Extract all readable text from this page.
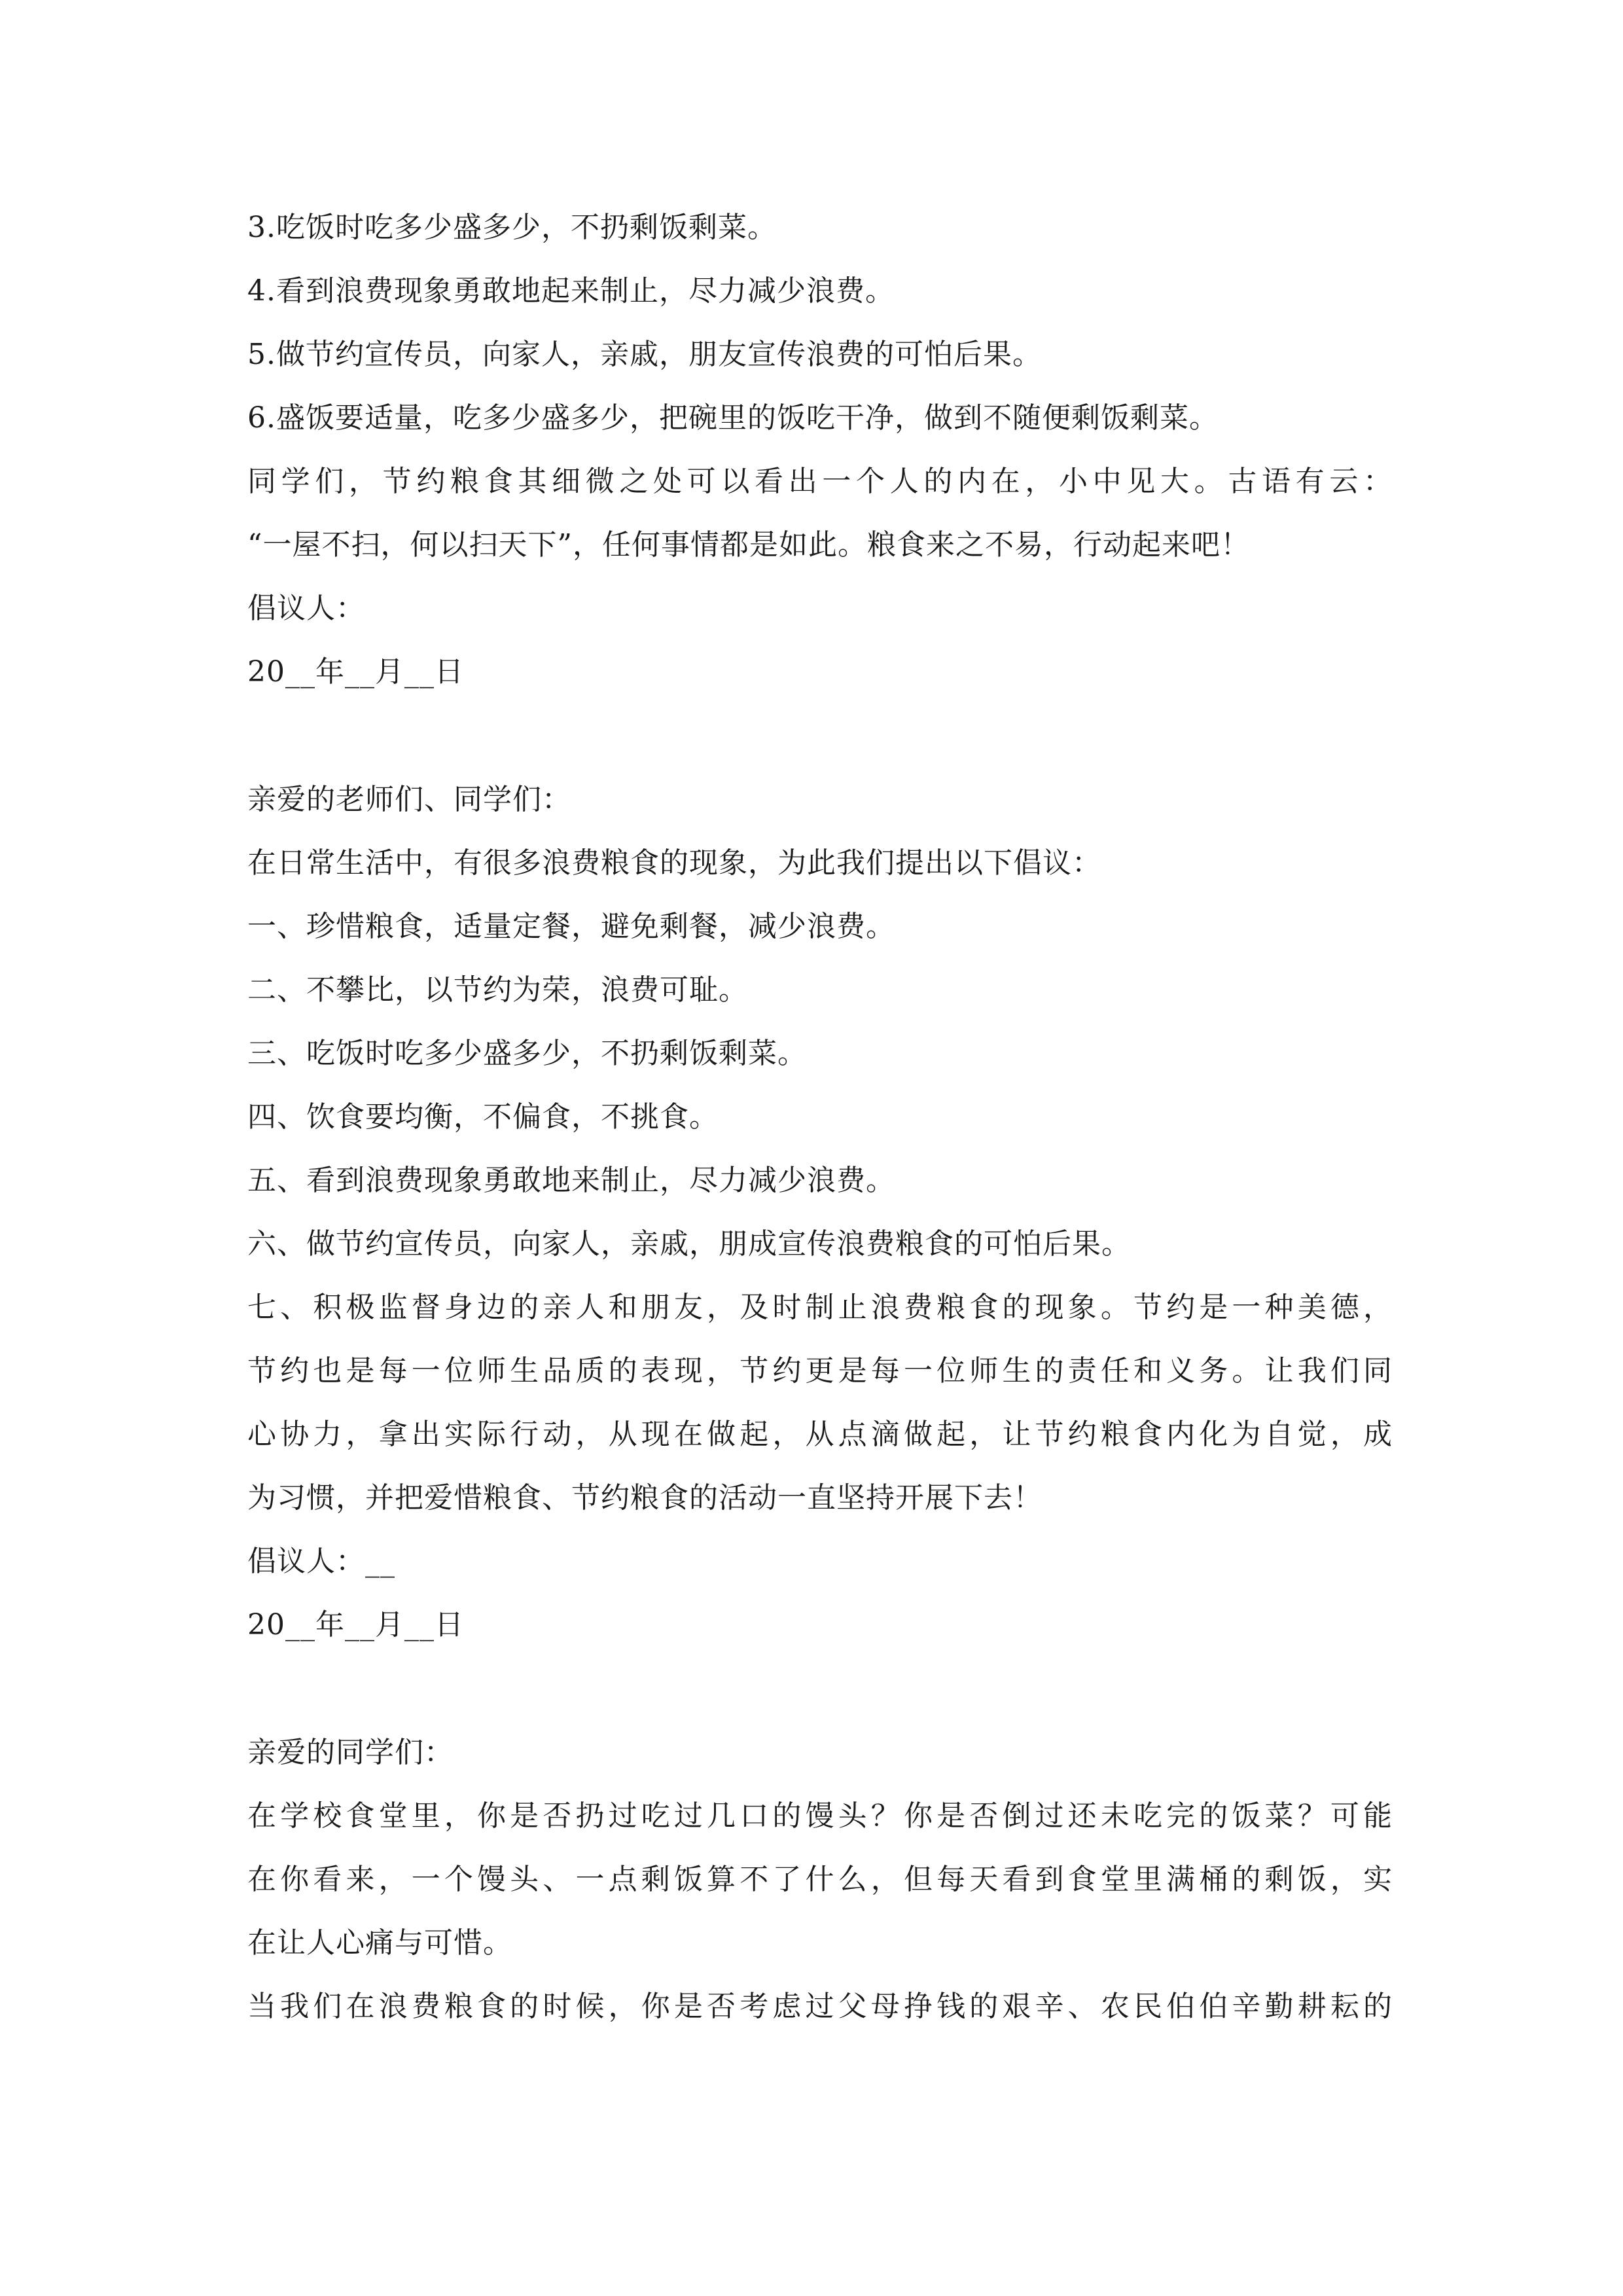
3.吃饭时吃多少盛多少，不扔剩饭剩菜。
4.看到浪费现象勇敢地起来制止，尽力减少浪费。
5.做节约宣传员，向家人，亲戚，朋友宣传浪费的可怕后果。
6.盛饭要适量，吃多少盛多少，把碗里的饭吃干净，做到不随便剩饭剩菜。
同学们，节约粮食其细微之处可以看出一个人的内在，小中见大。古语有云：
“一屋不扫，何以扫天下”，任何事情都是如此。粮食来之不易，行动起来吧！
倡议人：
20__年__月__日
亲爱的老师们、同学们：
在日常生活中，有很多浪费粮食的现象，为此我们提出以下倡议：
一、珍惜粮食，适量定餐，避免剩餐，减少浪费。
二、不攀比，以节约为荣，浪费可耻。
三、吃饭时吃多少盛多少，不扔剩饭剩菜。
四、饮食要均衡，不偏食，不挑食。
五、看到浪费现象勇敢地来制止，尽力减少浪费。
六、做节约宣传员，向家人，亲戚，朋成宣传浪费粮食的可怕后果。
七、积极监督身边的亲人和朋友，及时制止浪费粮食的现象。节约是一种美德，
节约也是每一位师生品质的表现，节约更是每一位师生的责任和义务。让我们同
心协力，拿出实际行动，从现在做起，从点滴做起，让节约粮食内化为自觉，成
为习惯，并把爱惜粮食、节约粮食的活动一直坚持开展下去！
倡议人：__
20__年__月__日
亲爱的同学们：
在学校食堂里，你是否扔过吃过几口的馒头？你是否倒过还未吃完的饭菜？可能
在你看来，一个馒头、一点剩饭算不了什么，但每天看到食堂里满桶的剩饭，实
在让人心痛与可惜。
当我们在浪费粮食的时候，你是否考虑过父母挣钱的艰辛、农民伯伯辛勤耕耘的
